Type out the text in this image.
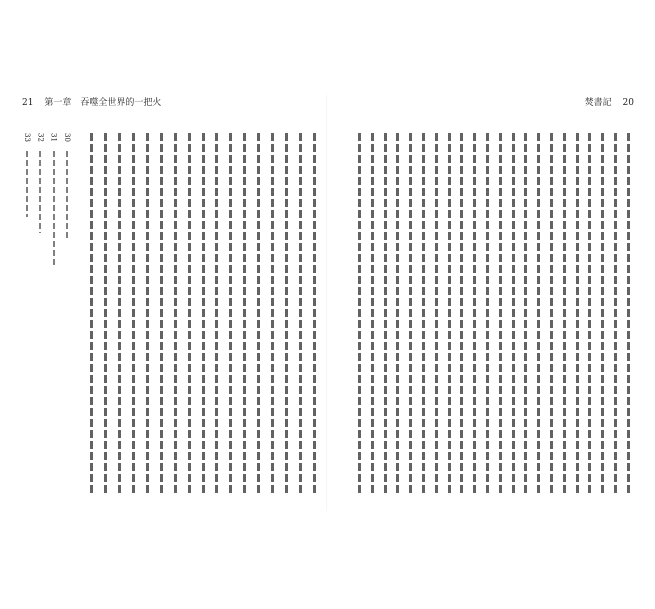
21 第一章　吞噬全世界的一把火
30
31
32
33
焚書記 20
